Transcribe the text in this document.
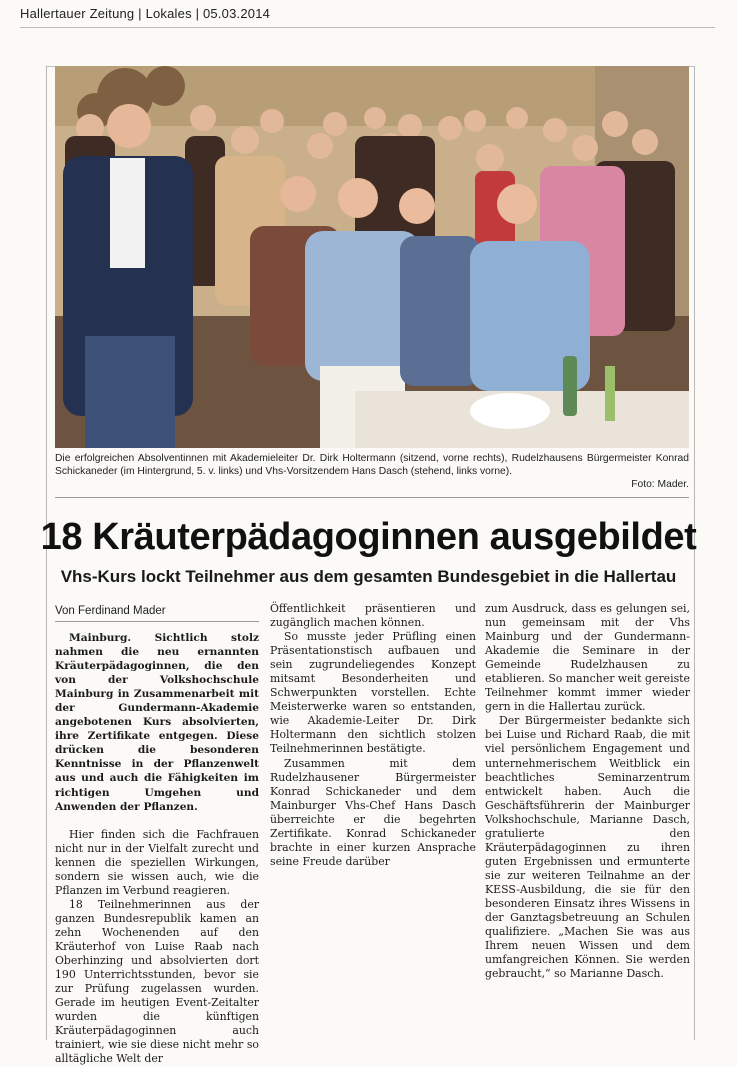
Hallertauer Zeitung | Lokales | 05.03.2014
Die erfolgreichen Absolventinnen mit Akademieleiter Dr. Dirk Holtermann (sitzend, vorne rechts), Rudelzhausens Bürgermeister Konrad Schickaneder (im Hintergrund, 5. v. links) und Vhs-Vorsitzendem Hans Dasch (stehend, links vorne).
Foto: Mader.
18 Kräuterpädagoginnen ausgebildet
Vhs-Kurs lockt Teilnehmer aus dem gesamten Bundesgebiet in die Hallertau
Von Ferdinand Mader

Mainburg. Sichtlich stolz nahmen die neu ernannten Kräuterpädagoginnen, die den von der Volkshochschule Mainburg in Zusammenarbeit mit der Gundermann-Akademie angebotenen Kurs absolvierten, ihre Zertifikate entgegen. Diese drücken die besonderen Kenntnisse in der Pflanzenwelt aus und auch die Fähigkeiten im richtigen Umgehen und Anwenden der Pflanzen.

Hier finden sich die Fachfrauen nicht nur in der Vielfalt zurecht und kennen die speziellen Wirkungen, sondern sie wissen auch, wie die Pflanzen im Verbund reagieren.

18 Teilnehmerinnen aus der ganzen Bundesrepublik kamen an zehn Wochenenden auf den Kräuterhof von Luise Raab nach Oberhinzing und absolvierten dort 190 Unterrichtsstunden, bevor sie zur Prüfung zugelassen wurden. Gerade im heutigen Event-Zeitalter wurden die künftigen Kräuterpädagoginnen auch trainiert, wie sie diese nicht mehr so alltägliche Welt der

Öffentlichkeit präsentieren und zugänglich machen können.

So musste jeder Prüfling einen Präsentationstisch aufbauen und sein zugrundeliegendes Konzept mitsamt Besonderheiten und Schwerpunkten vorstellen. Echte Meisterwerke waren so entstanden, wie Akademie-Leiter Dr. Dirk Holtermann den sichtlich stolzen Teilnehmerinnen bestätigte.

Zusammen mit dem Rudelzhausener Bürgermeister Konrad Schickaneder und dem Mainburger Vhs-Chef Hans Dasch überreichte er die begehrten Zertifikate. Konrad Schickaneder brachte in einer kurzen Ansprache seine Freude darüber

zum Ausdruck, dass es gelungen sei, nun gemeinsam mit der Vhs Mainburg und der Gundermann-Akademie die Seminare in der Gemeinde Rudelzhausen zu etablieren. So mancher weit gereiste Teilnehmer kommt immer wieder gern in die Hallertau zurück.

Der Bürgermeister bedankte sich bei Luise und Richard Raab, die mit viel persönlichem Engagement und unternehmerischem Weitblick ein beachtliches Seminarzentrum entwickelt haben. Auch die Geschäftsführerin der Mainburger Volkshochschule, Marianne Dasch, gratulierte den Kräuterpädagoginnen zu ihren guten Ergebnissen und ermunterte sie zur weiteren Teilnahme an der KESS-Ausbildung, die sie für den besonderen Einsatz ihres Wissens in der Ganztagsbetreuung an Schulen qualifiziere. „Machen Sie was aus Ihrem neuen Wissen und dem umfangreichen Können. Sie werden gebraucht,“ so Marianne Dasch.
